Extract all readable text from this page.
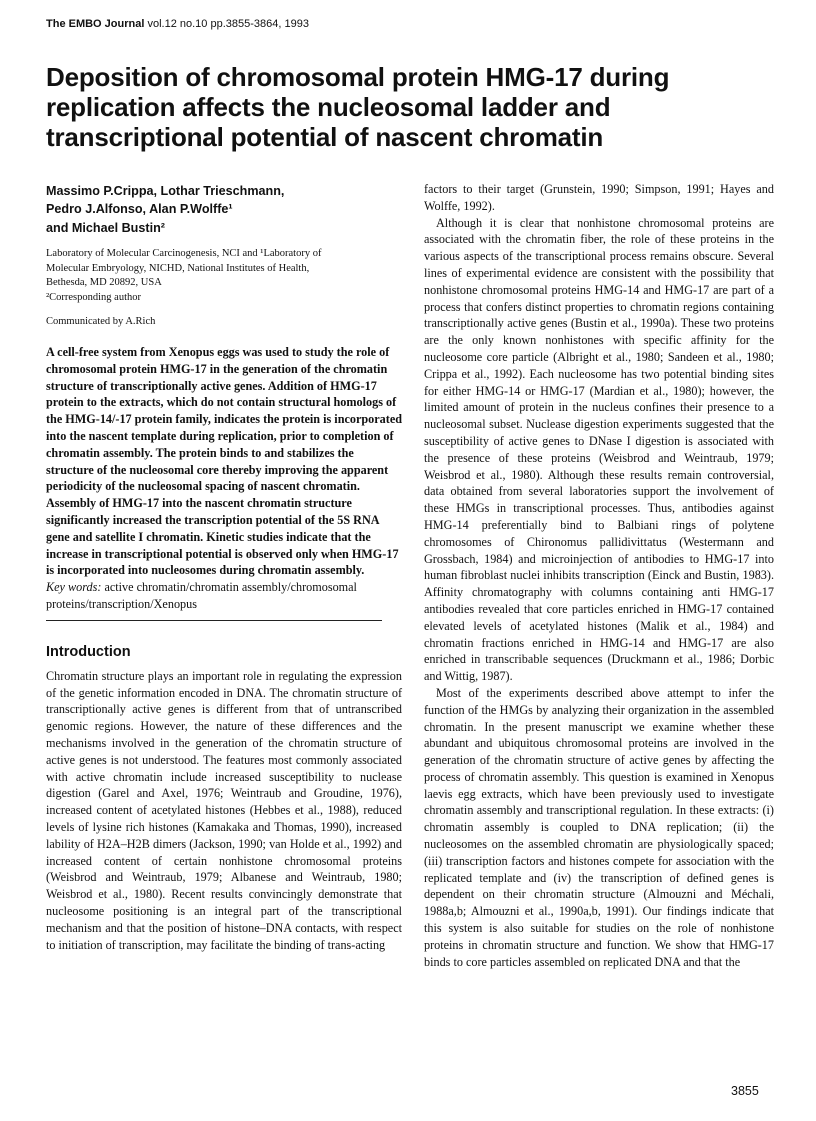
The EMBO Journal vol.12 no.10 pp.3855-3864, 1993
Deposition of chromosomal protein HMG-17 during
replication affects the nucleosomal ladder and
transcriptional potential of nascent chromatin

Massimo P.Crippa, Lothar Trieschmann,
Pedro J.Alfonso, Alan P.Wolffe¹
and Michael Bustin²

Laboratory of Molecular Carcinogenesis, NCI and ¹Laboratory of
Molecular Embryology, NICHD, National Institutes of Health,
Bethesda, MD 20892, USA
²Corresponding author

Communicated by A.Rich

A cell-free system from Xenopus eggs was used to study the role of chromosomal protein HMG-17 in the generation of the chromatin structure of transcriptionally active genes. Addition of HMG-17 protein to the extracts, which do not contain structural homologs of the HMG-14/-17 protein family, indicates the protein is incorporated into the nascent template during replication, prior to completion of chromatin assembly. The protein binds to and stabilizes the structure of the nucleosomal core thereby improving the apparent periodicity of the nucleosomal spacing of nascent chromatin. Assembly of HMG-17 into the nascent chromatin structure significantly increased the transcription potential of the 5S RNA gene and satellite I chromatin. Kinetic studies indicate that the increase in transcriptional potential is observed only when HMG-17 is incorporated into nucleosomes during chromatin assembly.

Key words: active chromatin/chromatin assembly/chromosomal proteins/transcription/Xenopus

Introduction

Chromatin structure plays an important role in regulating the expression of the genetic information encoded in DNA. The chromatin structure of transcriptionally active genes is different from that of untranscribed genomic regions. However, the nature of these differences and the mechanisms involved in the generation of the chromatin structure of active genes is not understood. The features most commonly associated with active chromatin include increased susceptibility to nuclease digestion (Garel and Axel, 1976; Weintraub and Groudine, 1976), increased content of acetylated histones (Hebbes et al., 1988), reduced levels of lysine rich histones (Kamakaka and Thomas, 1990), increased lability of H2A–H2B dimers (Jackson, 1990; van Holde et al., 1992) and increased content of certain nonhistone chromosomal proteins (Weisbrod and Weintraub, 1979; Albanese and Weintraub, 1980; Weisbrod et al., 1980). Recent results convincingly demonstrate that nucleosome positioning is an integral part of the transcriptional mechanism and that the position of histone–DNA contacts, with respect to initiation of transcription, may facilitate the binding of trans-acting

factors to their target (Grunstein, 1990; Simpson, 1991; Hayes and Wolffe, 1992).

Although it is clear that nonhistone chromosomal proteins are associated with the chromatin fiber, the role of these proteins in the various aspects of the transcriptional process remains obscure. Several lines of experimental evidence are consistent with the possibility that nonhistone chromosomal proteins HMG-14 and HMG-17 are part of a process that confers distinct properties to chromatin regions containing transcriptionally active genes (Bustin et al., 1990a). These two proteins are the only known nonhistones with specific affinity for the nucleosome core particle (Albright et al., 1980; Sandeen et al., 1980; Crippa et al., 1992). Each nucleosome has two potential binding sites for either HMG-14 or HMG-17 (Mardian et al., 1980); however, the limited amount of protein in the nucleus confines their presence to a nucleosomal subset. Nuclease digestion experiments suggested that the susceptibility of active genes to DNase I digestion is associated with the presence of these proteins (Weisbrod and Weintraub, 1979; Weisbrod et al., 1980). Although these results remain controversial, data obtained from several laboratories support the involvement of these HMGs in transcriptional processes. Thus, antibodies against HMG-14 preferentially bind to Balbiani rings of polytene chromosomes of Chironomus pallidivittatus (Westermann and Grossbach, 1984) and microinjection of antibodies to HMG-17 into human fibroblast nuclei inhibits transcription (Einck and Bustin, 1983). Affinity chromatography with columns containing anti HMG-17 antibodies revealed that core particles enriched in HMG-17 contained elevated levels of acetylated histones (Malik et al., 1984) and chromatin fractions enriched in HMG-14 and HMG-17 are also enriched in transcribable sequences (Druckmann et al., 1986; Dorbic and Wittig, 1987).

Most of the experiments described above attempt to infer the function of the HMGs by analyzing their organization in the assembled chromatin. In the present manuscript we examine whether these abundant and ubiquitous chromosomal proteins are involved in the generation of the chromatin structure of active genes by affecting the process of chromatin assembly. This question is examined in Xenopus laevis egg extracts, which have been previously used to investigate chromatin assembly and transcriptional regulation. In these extracts: (i) chromatin assembly is coupled to DNA replication; (ii) the nucleosomes on the assembled chromatin are physiologically spaced; (iii) transcription factors and histones compete for association with the replicated template and (iv) the transcription of defined genes is dependent on their chromatin structure (Almouzni and Méchali, 1988a,b; Almouzni et al., 1990a,b, 1991). Our findings indicate that this system is also suitable for studies on the role of nonhistone proteins in chromatin structure and function. We show that HMG-17 binds to core particles assembled on replicated DNA and that the

3855
